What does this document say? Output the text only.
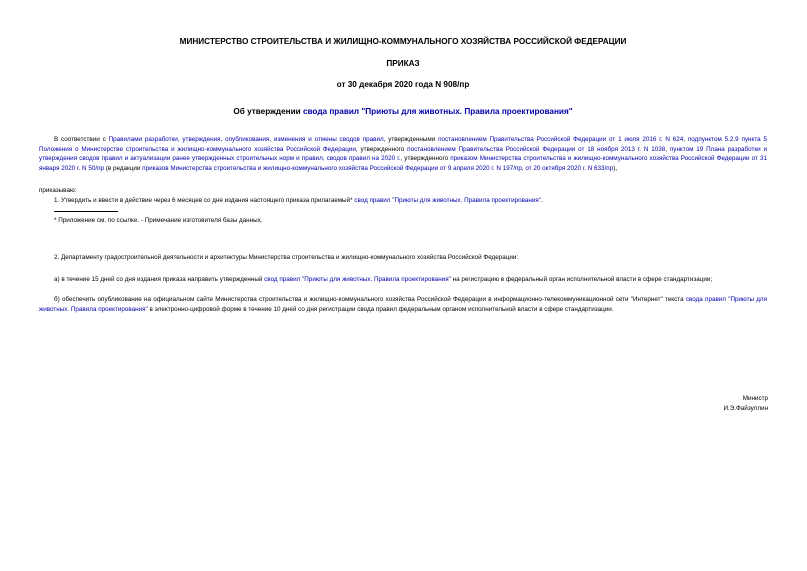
МИНИСТЕРСТВО СТРОИТЕЛЬСТВА И ЖИЛИЩНО-КОММУНАЛЬНОГО ХОЗЯЙСТВА РОССИЙСКОЙ ФЕДЕРАЦИИ

ПРИКАЗ

от 30 декабря 2020 года N 908/пр

Об утверждении свода правил "Приюты для животных. Правила проектирования"

В соответствии с Правилами разработки, утверждения, опубликования, изменения и отмены сводов правил, утвержденными постановлением Правительства Российской Федерации от 1 июля 2016 г. N 624, подпунктом 5.2.9 пункта 5 Положения о Министерстве строительства и жилищно-коммунального хозяйства Российской Федерации, утвержденного постановлением Правительства Российской Федерации от 18 ноября 2013 г. N 1038, пунктом 19 Плана разработки и утверждения сводов правил и актуализации ранее утвержденных строительных норм и правил, сводов правил на 2020 г., утвержденного приказом Министерства строительства и жилищно-коммунального хозяйства Российской Федерации от 31 января 2020 г. N 50/пр (в редакции приказов Министерства строительства и жилищно-коммунального хозяйства Российской Федерации от 9 апреля 2020 г. N 197/пр, от 20 октября 2020 г. N 633/пр),

приказываю:

1. Утвердить и ввести в действие через 6 месяцев со дня издания настоящего приказа прилагаемый* свод правил "Приюты для животных. Правила проектирования".

* Приложение см. по ссылке. - Примечание изготовителя базы данных.

2. Департаменту градостроительной деятельности и архитектуры Министерства строительства и жилищно-коммунального хозяйства Российской Федерации:

а) в течение 15 дней со дня издания приказа направить утвержденный свод правил "Приюты для животных. Правила проектирования" на регистрацию в федеральный орган исполнительной власти в сфере стандартизации;

б) обеспечить опубликование на официальном сайте Министерства строительства и жилищно-коммунального хозяйства Российской Федерации в информационно-телекоммуникационной сети "Интернет" текста свода правил "Приюты для животных. Правила проектирования" в электронно-цифровой форме в течение 10 дней со дня регистрации свода правил федеральным органом исполнительной власти в сфере стандартизации.

Министр
И.Э.Файзуллин
